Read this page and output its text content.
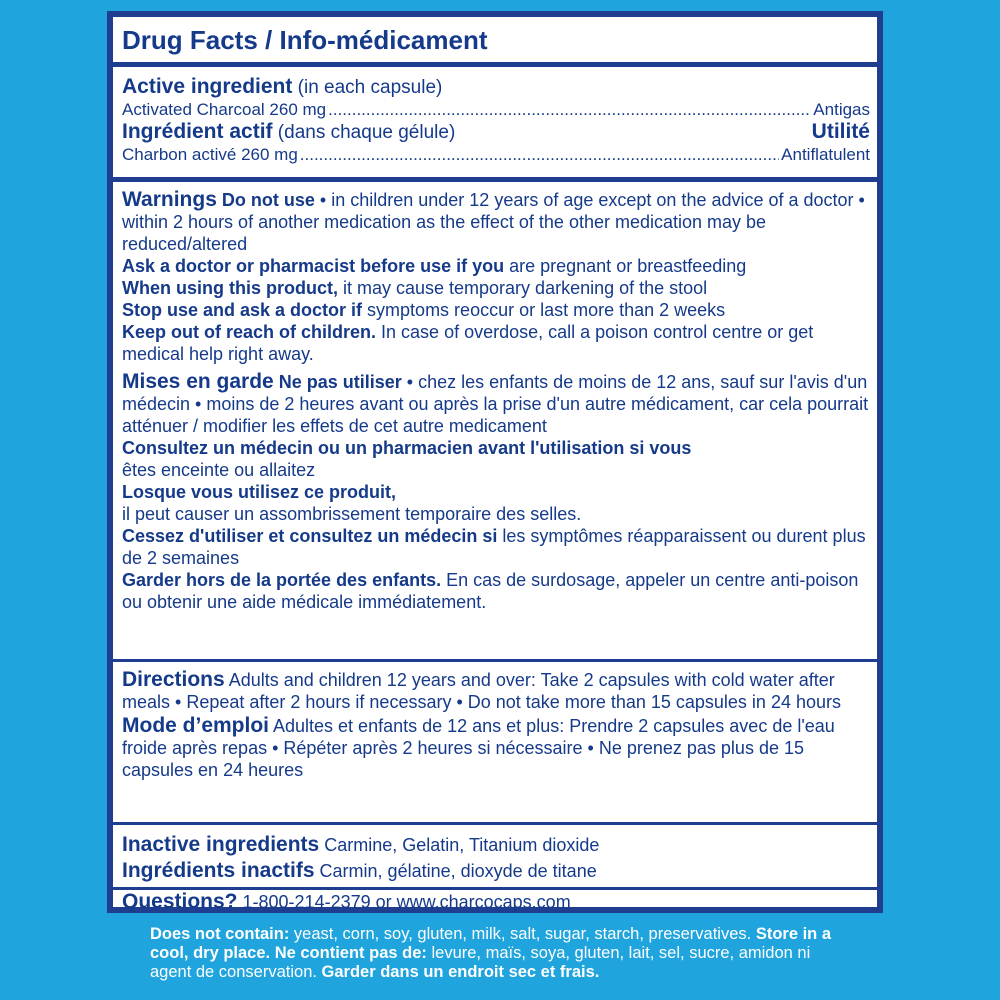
Drug Facts / Info-médicament
Active ingredient (in each capsule)
Activated Charcoal 260 mg .....	Antigas
Ingrédient actif (dans chaque gélule)	Utilité
Charbon activé 260 mg .....	Antiflatulent

Warnings Do not use • in children under 12 years of age except on the advice of a doctor • within 2 hours of another medication as the effect of the other medication may be reduced/altered

Ask a doctor or pharmacist before use if you are pregnant or breastfeeding

When using this product, it may cause temporary darkening of the stool

Stop use and ask a doctor if symptoms reoccur or last more than 2 weeks

Keep out of reach of children. In case of overdose, call a poison control centre or get medical help right away.

Mises en garde Ne pas utiliser • chez les enfants de moins de 12 ans, sauf sur l'avis d'un médecin • moins de 2 heures avant ou après la prise d'un autre médicament, car cela pourrait atténuer / modifier les effets de cet autre medicament

Consultez un médecin ou un pharmacien avant l'utilisation si vous
êtes enceinte ou allaitez

Losque vous utilisez ce produit,
il peut causer un assombrissement temporaire des selles.

Cessez d'utiliser et consultez un médecin si les symptômes réapparaissent ou durent plus de 2 semaines

Garder hors de la portée des enfants. En cas de surdosage, appeler un centre anti-poison ou obtenir une aide médicale immédiatement.

Directions Adults and children 12 years and over: Take 2 capsules with cold water after meals • Repeat after 2 hours if necessary • Do not take more than 15 capsules in 24 hours

Mode d’emploi Adultes et enfants de 12 ans et plus: Prendre 2 capsules avec de l'eau froide après repas • Répéter après 2 heures si nécessaire • Ne prenez pas plus de 15 capsules en 24 heures

Inactive ingredients Carmine, Gelatin, Titanium dioxide
Ingrédients inactifs Carmin, gélatine, dioxyde de titane
Questions? 1-800-214-2379 or www.charcocaps.com
Does not contain: yeast, corn, soy, gluten, milk, salt, sugar, starch, preservatives. Store in a cool, dry place. Ne contient pas de: levure, maïs, soya, gluten, lait, sel, sucre, amidon ni agent de conservation. Garder dans un endroit sec et frais.
